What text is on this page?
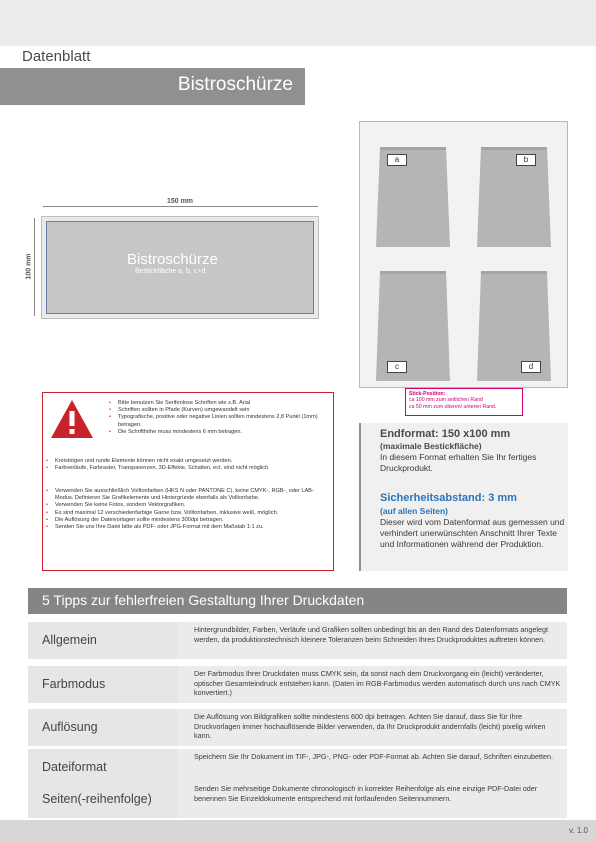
Datenblatt
Bistroschürze
150 mm
100 mm	Bistroschürze
Bestickfläche a, b, c+d
• Bitte benutzen Sie Serifenlose Schriften wie z.B. Arial
• Schriften sollten in Pfade (Kurven) umgewandelt sein
• Typografische, positive oder negative Linien sollten mindestens 2,8 Punkt (1mm) betragen.
• Die Schrifthöhe muss mindestens 6 mm betragen.
• Kreisbögen und runde Elemente können nicht exakt umgesetzt werden.
• Farbverläufe, Farbraster, Transparenzen, 3D-Effekte, Schatten, ect. sind nicht möglich.
• Verwenden Sie ausschließlich Volltonfarben (HKS N oder PANTONE C), keine CMYK-, RGB-, oder LAB-Modus. Definieren Sie Grafikelemente und Hintergründe ebenfalls als Volltonfarbe.
• Verwenden Sie keine Fotos, sondern Vektorgrafiken.
• Es sind maximal 12 verschiedenfarbige Garne bzw. Volltonfarben, inklusive weiß, möglich.
• Die Auflösung der Dateivorlagen sollte mindestens 300dpi betragen.
• Senden Sie uns Ihre Datei bitte als PDF- oder JPG-Format mit dem Maßstab 1:1 zu.
a	b
c	d
Stick-Position:
ca 100 mm zum seitlichen Rand
ca 50 mm zum oberen/ unteren Rand.
Endformat: 150 x100 mm
(maximale Bestickfläche)
In diesem Format erhalten Sie Ihr fertiges Druckprodukt.
Sicherheitsabstand: 3 mm
(auf allen Seiten)
Dieser wird vom Datenformat aus gemessen und verhindert unerwünschten Anschnitt Ihrer Texte und Informationen während der Produktion.
5 Tipps zur fehlerfreien Gestaltung Ihrer Druckdaten
Allgemein
Hintergrundbilder, Farben, Verläufe und Grafiken sollten unbedingt bis an den Rand des Datenformats angelegt werden, da produktionstechnisch kleinere Toleranzen beim Schneiden Ihres Druckproduktes auftreten können.
Farbmodus
Der Farbmodus Ihrer Druckdaten muss CMYK sein, da sonst nach dem Druckvorgang ein (leicht) veränderter, optischer Gesamteindruck entstehen kann. (Daten im RGB-Farbmodus werden automatisch durch uns nach CMYK konvertiert.)
Auflösung
Die Auflösung von Bildgrafiken sollte mindestens 600 dpi betragen. Achten Sie darauf, dass Sie für Ihre Druckvorlagen immer hochauflösende Bilder verwenden, da Ihr Druckprodukt andernfalls (leicht) pixelig wirken kann.
Dateiformat
Speichern Sie Ihr Dokument im TIF-, JPG-, PNG- oder PDF-Format ab. Achten Sie darauf, Schriften einzubetten.
Seiten(-reihenfolge)
Senden Sie mehrseitige Dokumente chronologisch in korrekter Reihenfolge als eine einzige PDF-Datei oder benennen Sie Einzeldokumente entsprechend mit fortlaufenden Seitennummern.
v. 1.0
